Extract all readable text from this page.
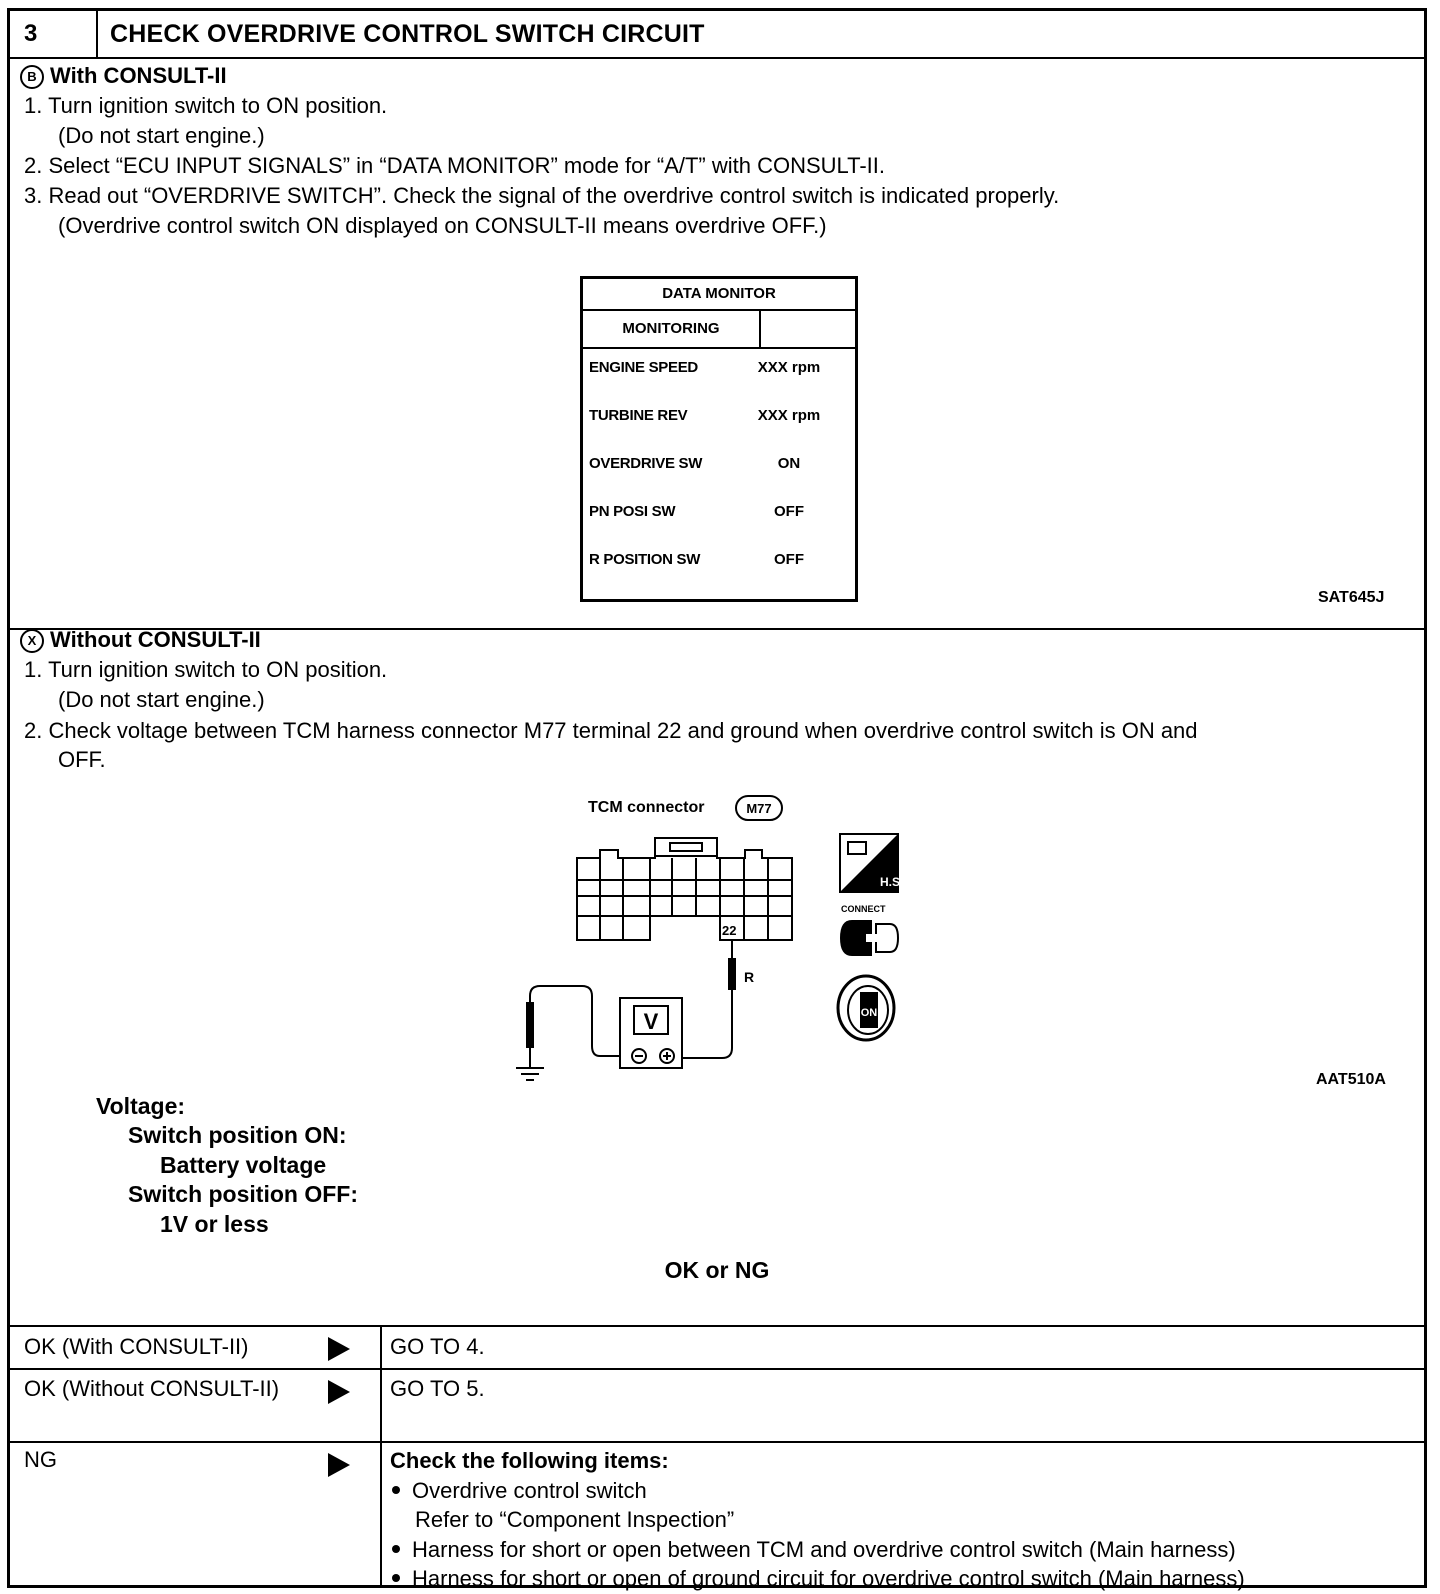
3	CHECK OVERDRIVE CONTROL SWITCH CIRCUIT
B With CONSULT-II
1. Turn ignition switch to ON position.
(Do not start engine.)
2. Select “ECU INPUT SIGNALS” in “DATA MONITOR” mode for “A/T” with CONSULT-II.
3. Read out “OVERDRIVE SWITCH”. Check the signal of the overdrive control switch is indicated properly.
(Overdrive control switch ON displayed on CONSULT-II means overdrive OFF.)
DATA MONITOR
MONITORING
ENGINE SPEED	XXX rpm
TURBINE REV	XXX rpm
OVERDRIVE SW	ON
PN POSI SW	OFF
R POSITION SW	OFF
SAT645J
X Without CONSULT-II
1. Turn ignition switch to ON position.
(Do not start engine.)
2. Check voltage between TCM harness connector M77 terminal 22 and ground when overdrive control switch is ON and
OFF.
TCM connector	M77
22
R
V
H.S.
CONNECT
ON
AAT510A
Voltage:
Switch position ON:
Battery voltage
Switch position OFF:
1V or less
OK or NG
OK (With CONSULT-II)	GO TO 4.
OK (Without CONSULT-II)	GO TO 5.
NG	Check the following items:
Overdrive control switch
Refer to “Component Inspection”
Harness for short or open between TCM and overdrive control switch (Main harness)
Harness for short or open of ground circuit for overdrive control switch (Main harness)
